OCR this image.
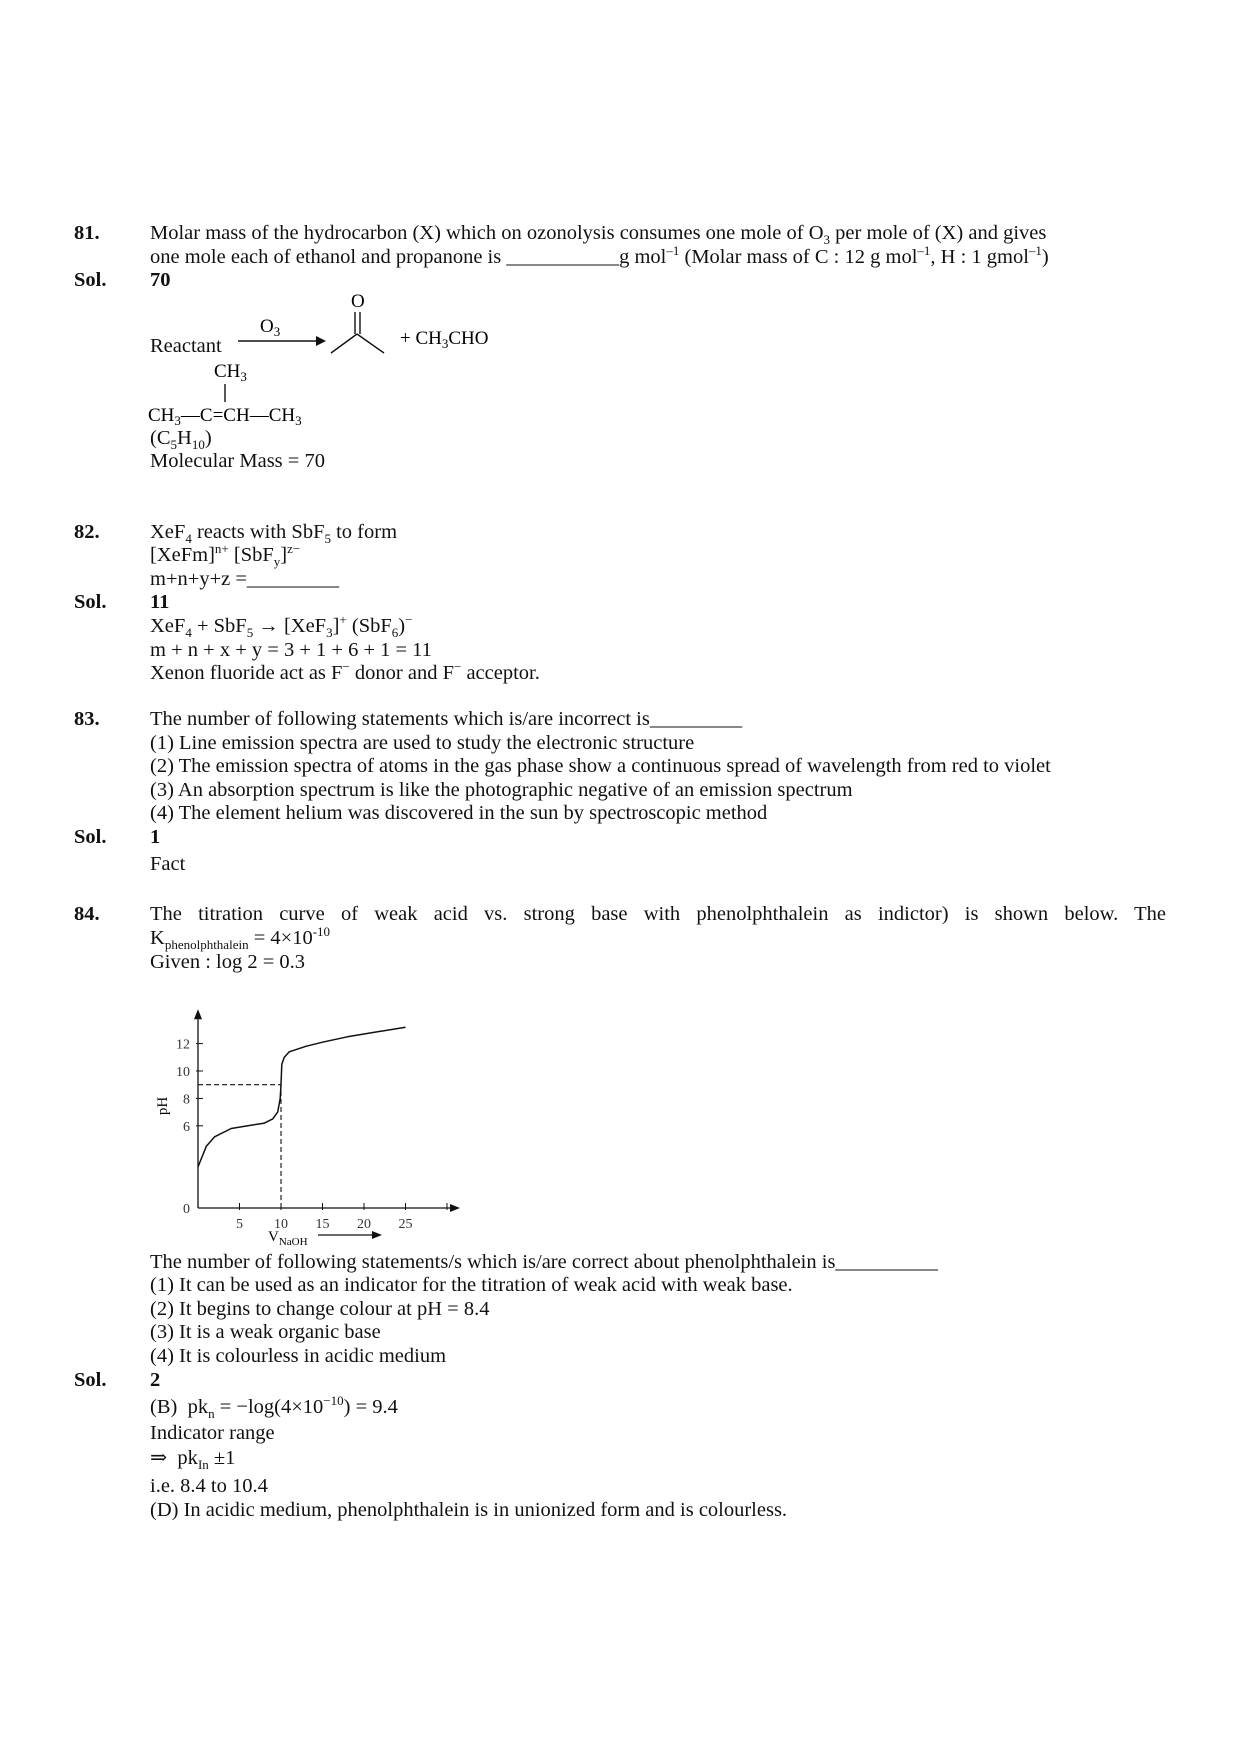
81. Molar mass of the hydrocarbon (X) which on ozonolysis consumes one mole of $O_3$ per mole of (X) and gives
one mole each of ethanol and propanone is ___________g mol$^{-1}$ (Molar mass of C : 12 g mol$^{-1}$, H : 1 gmol$^{-1}$)
Sol. 70
Reactant
$O_3$
O
+ $CH_3CHO$
$CH_3$
$CH_3—C=CH—CH_3$
$(C_5H_{10})$
Molecular Mass = 70
82. XeF$_4$ reacts with SbF$_5$ to form
[XeFm]$^{n+}$ $[SbF_y]^{z-}$
m+n+y+z =_________
Sol. 11
XeF$_4$ + SbF$_5$ → [XeF$_3$]+ (SbF$_6$)−
m + n + x + y = 3 + 1 + 6 + 1 = 11
Xenon fluoride act as F− donor and F− acceptor.
83. The number of following statements which is/are incorrect is_________
(1) Line emission spectra are used to study the electronic structure
(2) The emission spectra of atoms in the gas phase show a continuous spread of wavelength from red to violet
(3) An absorption spectrum is like the photographic negative of an emission spectrum
(4) The element helium was discovered in the sun by spectroscopic method
Sol. 1
Fact
84. The titration curve of weak acid vs. strong base with phenolphthalein as indictor) is shown below. The
$K_{phenolphthalein} = 4\times 10^{-10}$
Given : log 2 = 0.3
5 10 15 20 25
0
6
8
10
12
pH
$V_{NaOH}$
The number of following statements/s which is/are correct about phenolphthalein is__________
(1) It can be used as an indicator for the titration of weak acid with weak base.
(2) It begins to change colour at pH = 8.4
(3) It is a weak organic base
(4) It is colourless in acidic medium
Sol. 2
(B)  $pk_n = -\log(4\times 10^{-10}) = 9.4$
Indicator range
⇒  $pk_{In} \pm 1$
i.e. 8.4 to 10.4
(D) In acidic medium, phenolphthalein is in unionized form and is colourless.
